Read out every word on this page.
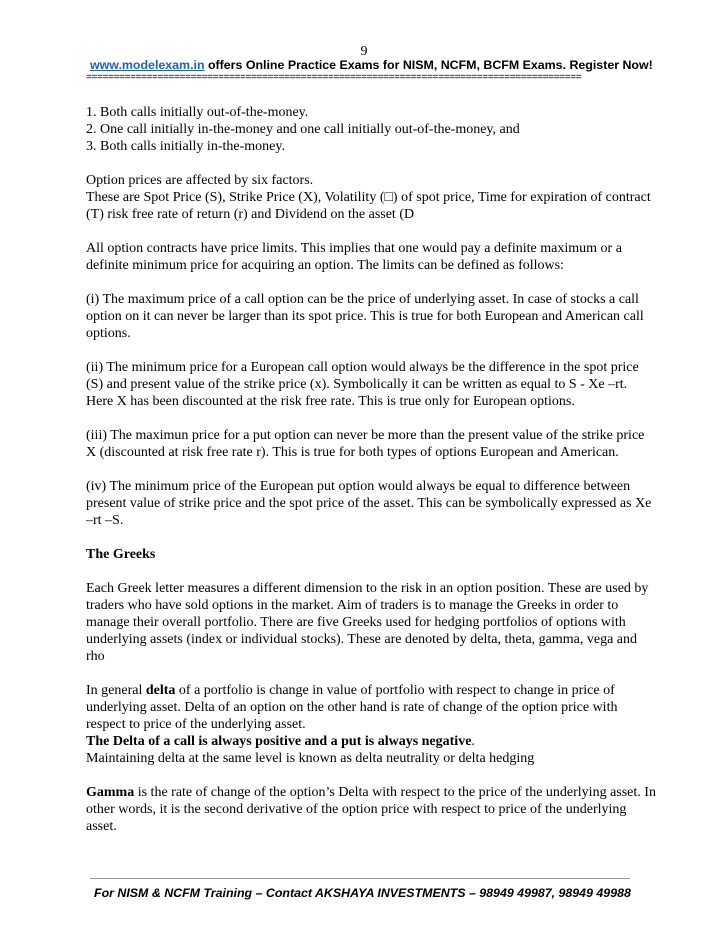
9
www.modelexam.in offers Online Practice Exams for NISM, NCFM, BCFM Exams. Register Now!
==========================================================================================

1. Both calls initially out-of-the-money.

2. One call initially in-the-money and one call initially out-of-the-money, and

3. Both calls initially in-the-money.

Option prices are affected by six factors.

These are Spot Price (S), Strike Price (X), Volatility (□) of spot price, Time for expiration of contract (T) risk free rate of return (r) and Dividend on the asset (D

All option contracts have price limits. This implies that one would pay a definite maximum or a definite minimum price for acquiring an option. The limits can be defined as follows:

(i) The maximum price of a call option can be the price of underlying asset. In case of stocks a call option on it can never be larger than its spot price. This is true for both European and American call options.

(ii) The minimum price for a European call option would always be the difference in the spot price (S) and present value of the strike price (x). Symbolically it can be written as equal to S - Xe –rt. Here X has been discounted at the risk free rate. This is true only for European options.

(iii) The maximun price for a put option can never be more than the present value of the strike price X (discounted at risk free rate r). This is true for both types of options European and American.

(iv) The minimum price of the European put option would always be equal to difference between present value of strike price and the spot price of the asset. This can be symbolically expressed as Xe –rt –S.

The Greeks

Each Greek letter measures a different dimension to the risk in an option position. These are used by traders who have sold options in the market. Aim of traders is to manage the Greeks in order to manage their overall portfolio. There are five Greeks used for hedging portfolios of options with underlying assets (index or individual stocks). These are denoted by delta, theta, gamma, vega and rho

In general delta of a portfolio is change in value of portfolio with respect to change in price of underlying asset. Delta of an option on the other hand is rate of change of the option price with respect to price of the underlying asset.

The Delta of a call is always positive and a put is always negative.

Maintaining delta at the same level is known as delta neutrality or delta hedging

Gamma is the rate of change of the option’s Delta with respect to the price of the underlying asset. In other words, it is the second derivative of the option price with respect to price of the underlying asset.

For NISM & NCFM Training – Contact AKSHAYA INVESTMENTS – 98949 49987, 98949 49988
